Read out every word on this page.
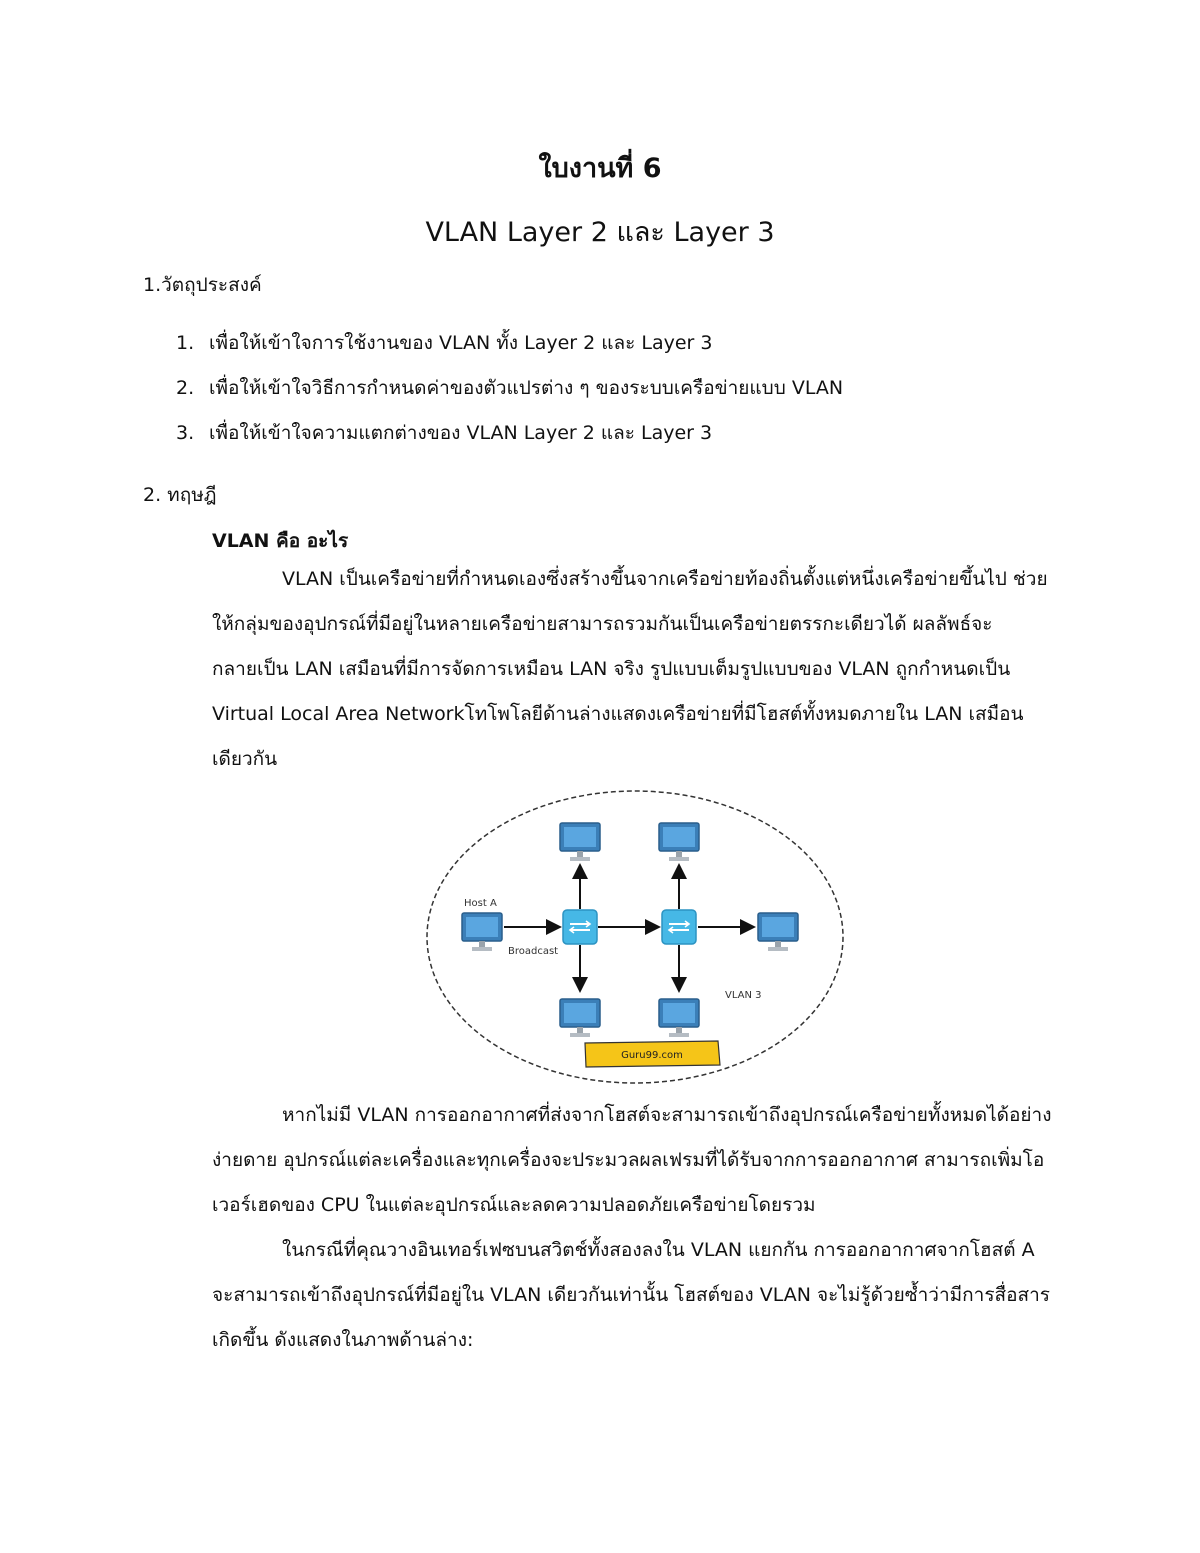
ใบงานที่ 6
VLAN Layer 2 และ Layer 3
1.วัตถุประสงค์
1. เพื่อให้เข้าใจการใช้งานของ VLAN ทั้ง Layer 2 และ Layer 3
2. เพื่อให้เข้าใจวิธีการกำหนดค่าของตัวแปรต่าง ๆ ของระบบเครือข่ายแบบ VLAN
3. เพื่อให้เข้าใจความแตกต่างของ VLAN Layer 2 และ Layer 3
2. ทฤษฎี
VLAN คือ อะไร

VLAN เป็นเครือข่ายที่กำหนดเองซึ่งสร้างขึ้นจากเครือข่ายท้องถิ่นตั้งแต่หนึ่งเครือข่ายขึ้นไป ช่วย
ให้กลุ่มของอุปกรณ์ที่มีอยู่ในหลายเครือข่ายสามารถรวมกันเป็นเครือข่ายตรรกะเดียวได้ ผลลัพธ์จะ
กลายเป็น LAN เสมือนที่มีการจัดการเหมือน LAN จริง รูปแบบเต็มรูปแบบของ VLAN ถูกกำหนดเป็น
Virtual Local Area Networkโทโพโลยีด้านล่างแสดงเครือข่ายที่มีโฮสต์ทั้งหมดภายใน LAN เสมือน
เดียวกัน

Host A
Broadcast
VLAN 3
Guru99.com

หากไม่มี VLAN การออกอากาศที่ส่งจากโฮสต์จะสามารถเข้าถึงอุปกรณ์เครือข่ายทั้งหมดได้อย่าง
ง่ายดาย อุปกรณ์แต่ละเครื่องและทุกเครื่องจะประมวลผลเฟรมที่ได้รับจากการออกอากาศ สามารถเพิ่มโอ
เวอร์เฮดของ CPU ในแต่ละอุปกรณ์และลดความปลอดภัยเครือข่ายโดยรวม

ในกรณีที่คุณวางอินเทอร์เฟซบนสวิตช์ทั้งสองลงใน VLAN แยกกัน การออกอากาศจากโฮสต์ A
จะสามารถเข้าถึงอุปกรณ์ที่มีอยู่ใน VLAN เดียวกันเท่านั้น โฮสต์ของ VLAN จะไม่รู้ด้วยซ้ำว่ามีการสื่อสาร
เกิดขึ้น ดังแสดงในภาพด้านล่าง:
